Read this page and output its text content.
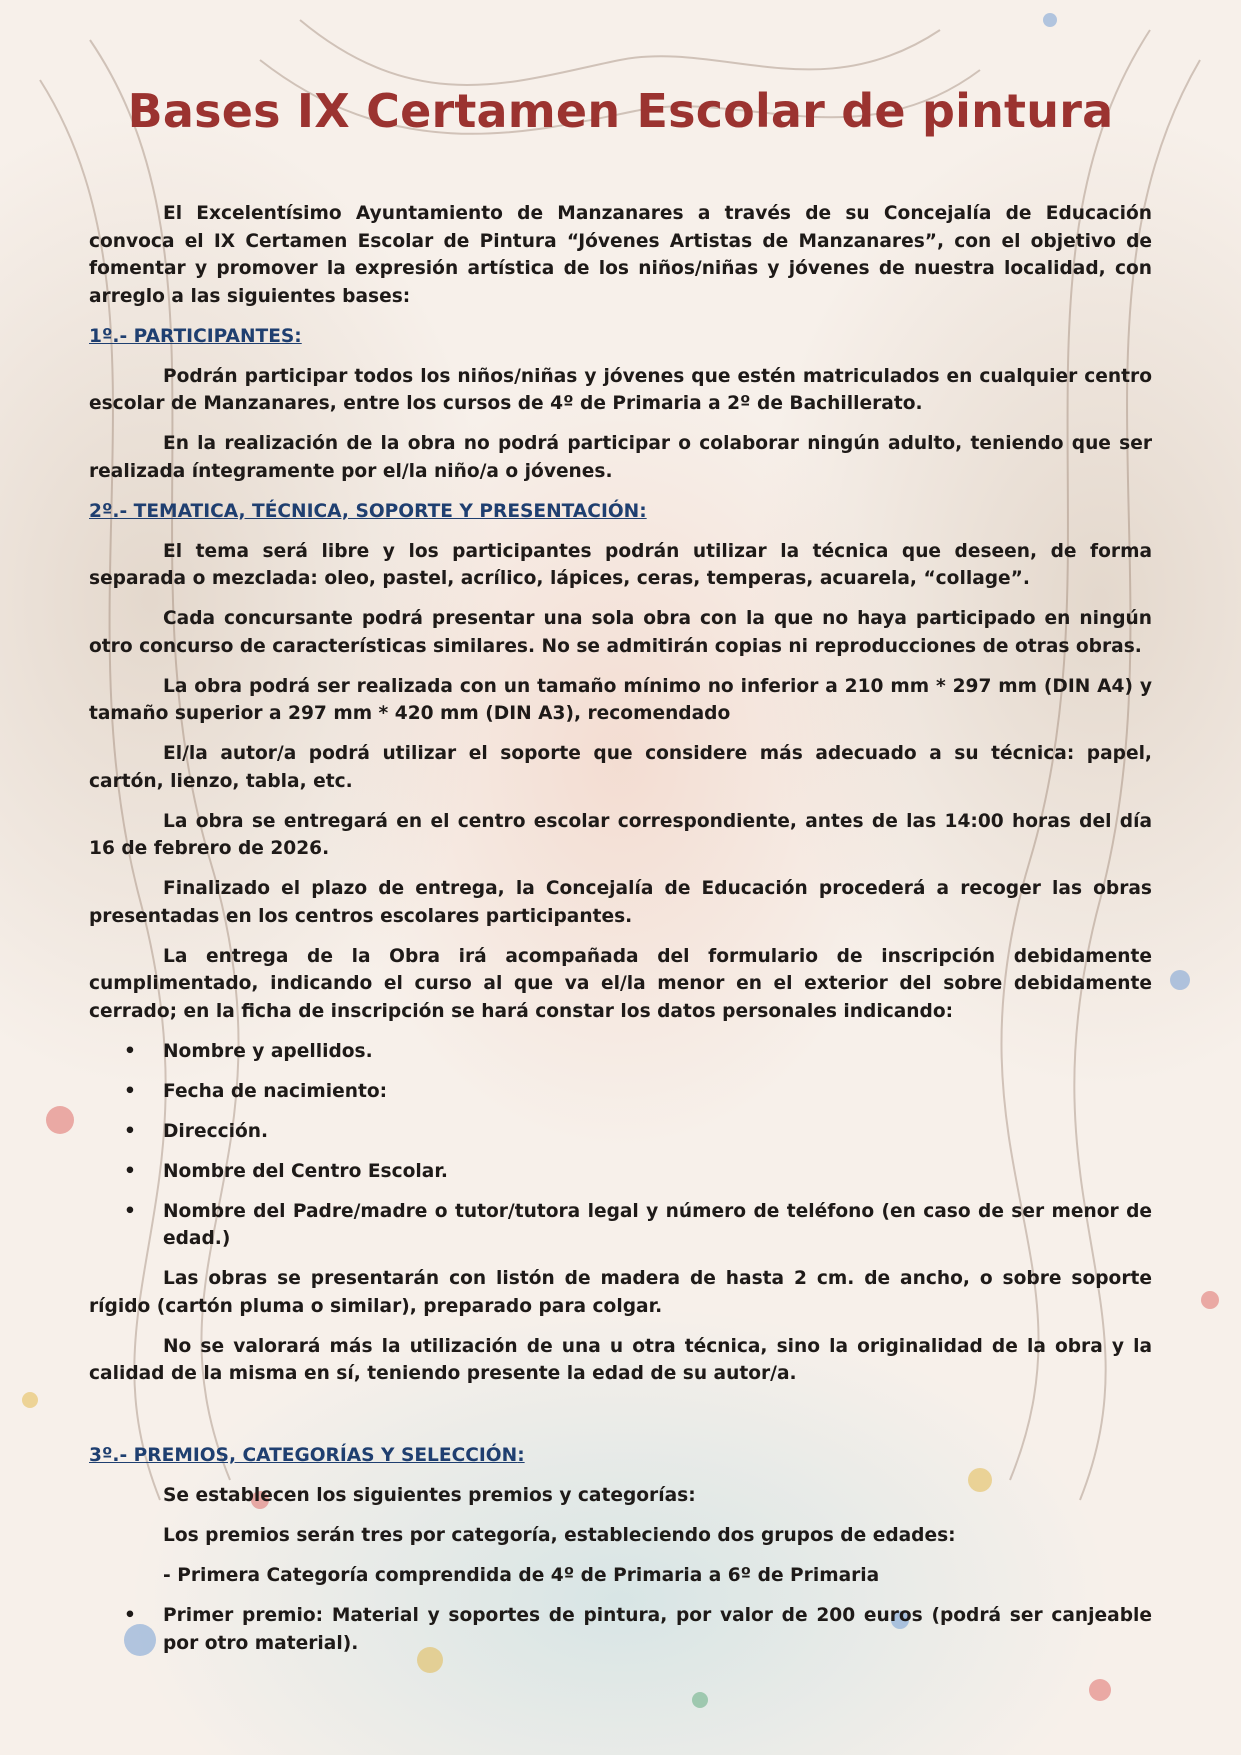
Bases IX Certamen Escolar de pintura

El Excelentísimo Ayuntamiento de Manzanares a través de su Concejalía de Educación convoca el IX Certamen Escolar de Pintura “Jóvenes Artistas de Manzanares”, con el objetivo de fomentar y promover la expresión artística de los niños/niñas y jóvenes de nuestra localidad, con arreglo a las siguientes bases:

1º.- PARTICIPANTES:

Podrán participar todos los niños/niñas y jóvenes que estén matriculados en cualquier centro escolar de Manzanares, entre los cursos de 4º de Primaria a 2º de Bachillerato.

En la realización de la obra no podrá participar o colaborar ningún adulto, teniendo que ser realizada íntegramente por el/la niño/a o jóvenes.

2º.- TEMATICA, TÉCNICA, SOPORTE Y PRESENTACIÓN:

El tema será libre y los participantes podrán utilizar la técnica que deseen, de forma separada o mezclada: oleo, pastel, acrílico, lápices, ceras, temperas, acuarela, “collage”.

Cada concursante podrá presentar una sola obra con la que no haya participado en ningún otro concurso de características similares. No se admitirán copias ni reproducciones de otras obras.

La obra podrá ser realizada con un tamaño mínimo no inferior a 210 mm * 297 mm (DIN A4) y tamaño superior a 297 mm * 420 mm (DIN A3), recomendado

El/la autor/a podrá utilizar el soporte que considere más adecuado a su técnica: papel, cartón, lienzo, tabla, etc.

La obra se entregará en el centro escolar correspondiente, antes de las 14:00 horas del día 16 de febrero de 2026.

Finalizado el plazo de entrega, la Concejalía de Educación procederá a recoger las obras presentadas en los centros escolares participantes.

La entrega de la Obra irá acompañada del formulario de inscripción debidamente cumplimentado, indicando el curso al que va el/la menor en el exterior del sobre debidamente cerrado; en la ficha de inscripción se hará constar los datos personales indicando:

• Nombre y apellidos.
• Fecha de nacimiento:
• Dirección.
• Nombre del Centro Escolar.
• Nombre del Padre/madre o tutor/tutora legal y número de teléfono (en caso de ser menor de edad.)

Las obras se presentarán con listón de madera de hasta 2 cm. de ancho, o sobre soporte rígido (cartón pluma o similar), preparado para colgar.

No se valorará más la utilización de una u otra técnica, sino la originalidad de la obra y la calidad de la misma en sí, teniendo presente la edad de su autor/a.

3º.- PREMIOS, CATEGORÍAS Y SELECCIÓN:

Se establecen los siguientes premios y categorías:

Los premios serán tres por categoría, estableciendo dos grupos de edades:

- Primera Categoría comprendida de 4º de Primaria a 6º de Primaria

• Primer premio: Material y soportes de pintura, por valor de 200 euros (podrá ser canjeable por otro material).
